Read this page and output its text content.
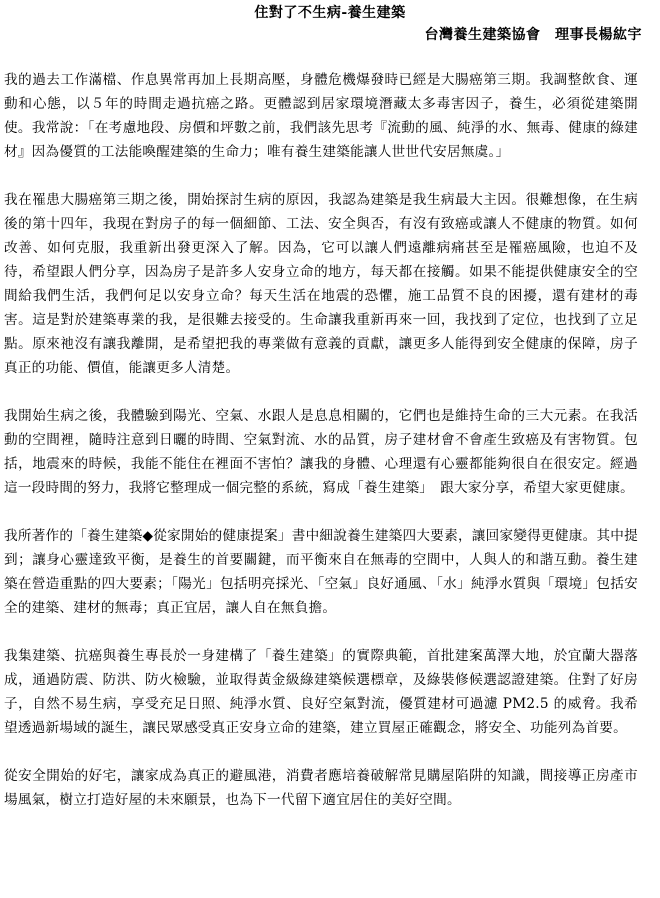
住對了不生病-養生建築
台灣養生建築協會　理事長楊紘宇

我的過去工作滿檔、作息異常再加上長期高壓，身體危機爆發時已經是大腸癌第三期。我調整飲食、運動和心態，以５年的時間走過抗癌之路。更體認到居家環境潛藏太多毒害因子，養生，必須從建築開使。我常說：「在考慮地段、房價和坪數之前，我們該先思考『流動的風、純淨的水、無毒、健康的綠建材』因為優質的工法能喚醒建築的生命力；唯有養生建築能讓人世世代安居無虞。」

我在罹患大腸癌第三期之後，開始探討生病的原因，我認為建築是我生病最大主因。很難想像，在生病後的第十四年，我現在對房子的每一個細節、工法、安全與否，有沒有致癌或讓人不健康的物質。如何改善、如何克服，我重新出發更深入了解。因為，它可以讓人們遠離病痛甚至是罹癌風險，也迫不及待，希望跟人們分享，因為房子是許多人安身立命的地方，每天都在接觸。如果不能提供健康安全的空間給我們生活，我們何足以安身立命？每天生活在地震的恐懼，施工品質不良的困擾，還有建材的毒害。這是對於建築專業的我，是很難去接受的。生命讓我重新再來一回，我找到了定位，也找到了立足點。原來祂沒有讓我離開，是希望把我的專業做有意義的貢獻，讓更多人能得到安全健康的保障，房子真正的功能、價值，能讓更多人清楚。

我開始生病之後，我體驗到陽光、空氣、水跟人是息息相關的，它們也是維持生命的三大元素。在我活動的空間裡，隨時注意到日曬的時間、空氣對流、水的品質，房子建材會不會產生致癌及有害物質。包括，地震來的時候，我能不能住在裡面不害怕？讓我的身體、心理還有心靈都能夠很自在很安定。經過這一段時間的努力，我將它整理成一個完整的系統，寫成「養生建築」　跟大家分享，希望大家更健康。

我所著作的「養生建築◆從家開始的健康提案」書中細說養生建築四大要素，讓回家變得更健康。其中提到；讓身心靈達致平衡，是養生的首要關鍵，而平衡來自在無毒的空間中，人與人的和諧互動。養生建築在營造重點的四大要素；「陽光」包括明亮採光、「空氣」良好通風、「水」純淨水質與「環境」包括安全的建築、建材的無毒；真正宜居，讓人自在無負擔。

我集建築、抗癌與養生專長於一身建構了「養生建築」的實際典範，首批建案萬澤大地，於宜蘭大器落成，通過防震、防洪、防火檢驗，並取得黃金級綠建築候選標章，及綠裝修候選認證建築。住對了好房子，自然不易生病，享受充足日照、純淨水質、良好空氣對流，優質建材可過濾 PM2.5 的威脅。我希望透過新場域的誕生，讓民眾感受真正安身立命的建築，建立買屋正確觀念，將安全、功能列為首要。

從安全開始的好宅，讓家成為真正的避風港，消費者應培養破解常見購屋陷阱的知識，間接導正房產市場風氣，樹立打造好屋的未來願景，也為下一代留下適宜居住的美好空間。
